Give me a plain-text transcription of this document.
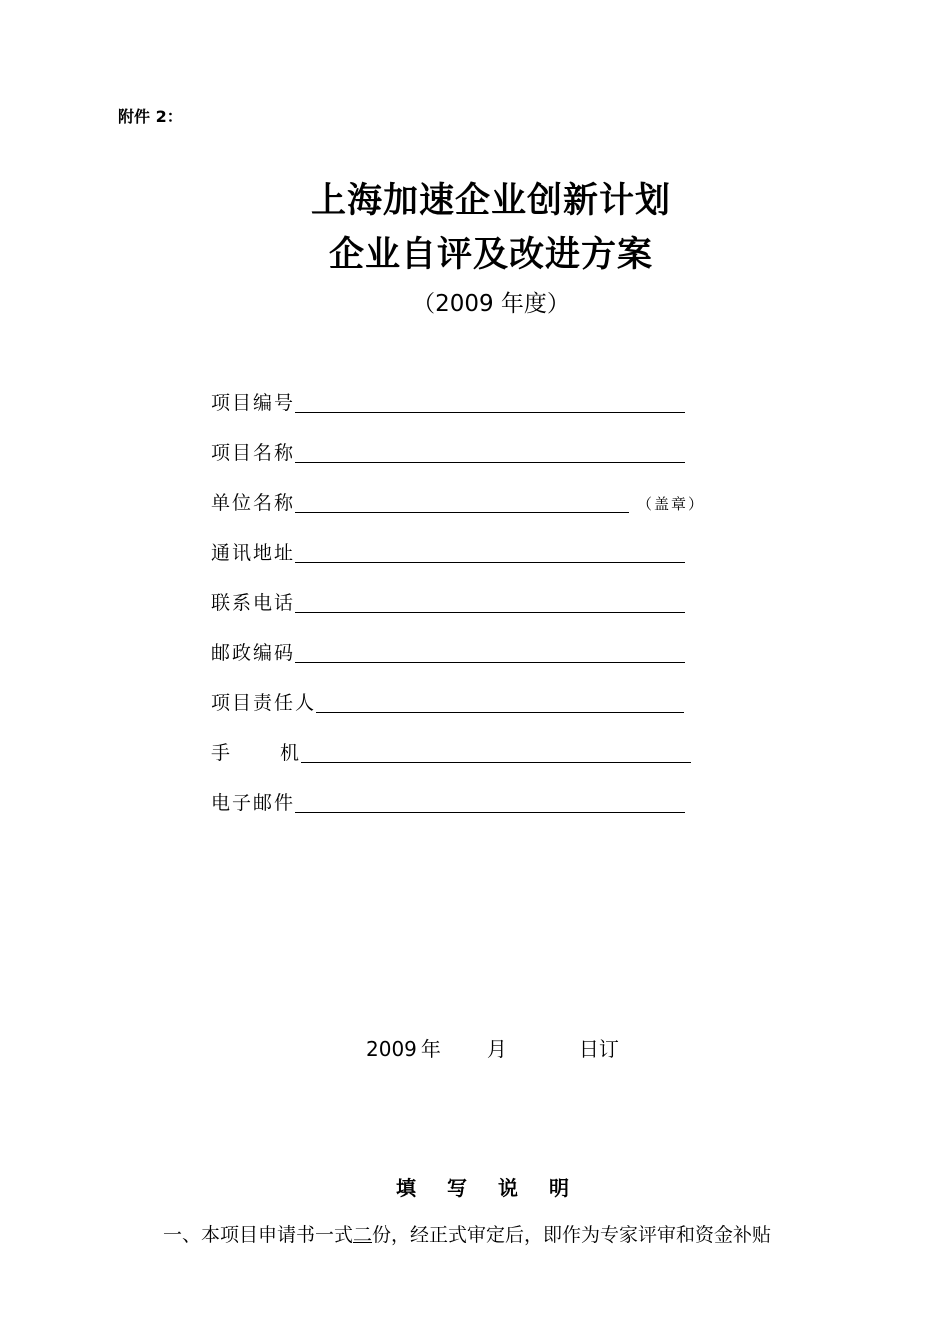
附件 2：
上海加速企业创新计划
企业自评及改进方案
（2009 年度）
项目编号
项目名称
单位名称	（盖章）
通讯地址
联系电话
邮政编码
项目责任人
手	机
电子邮件
2009 年 月	日订
填写说明
一、本项目申请书一式二份，经正式审定后，即作为专家评审和资金补贴
